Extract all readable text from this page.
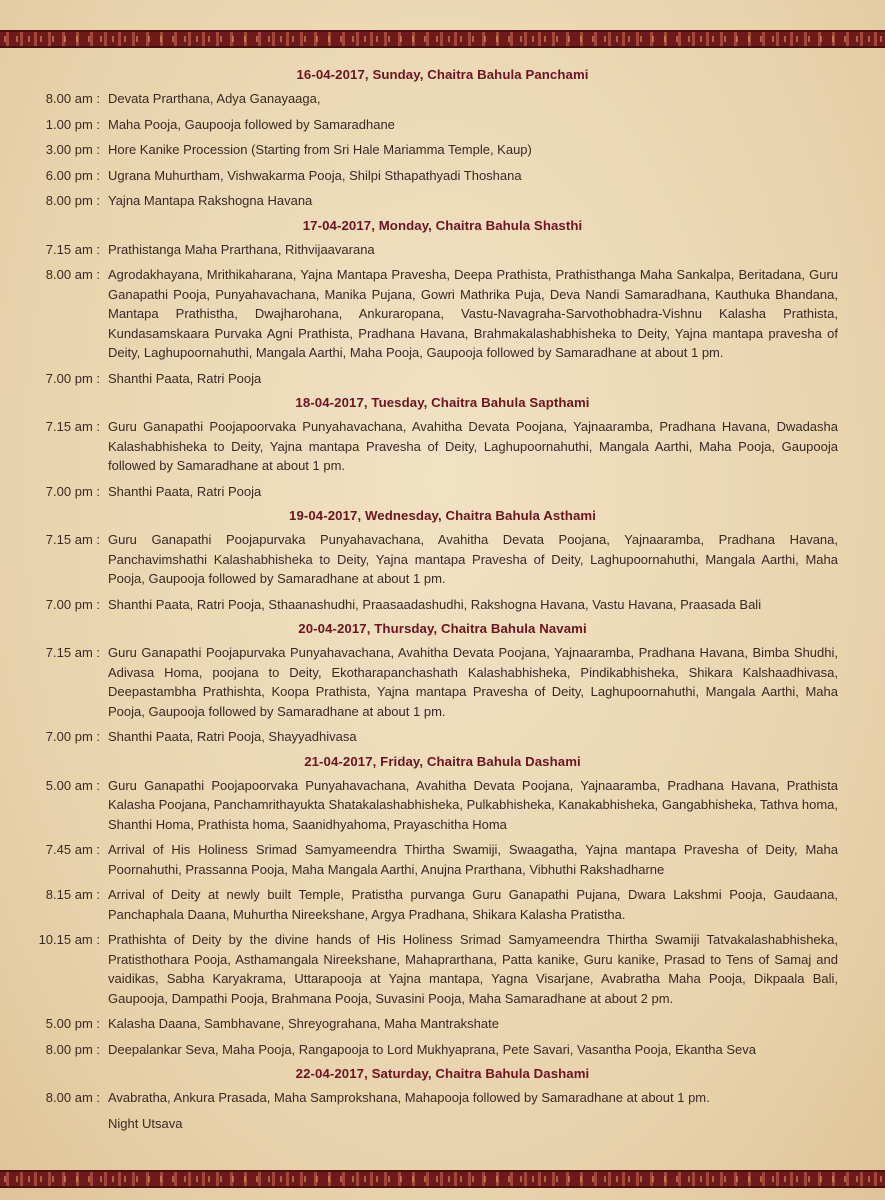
16-04-2017, Sunday, Chaitra Bahula Panchami
8.00 am : Devata Prarthana, Adya Ganayaaga,
1.00 pm : Maha Pooja, Gaupooja followed by Samaradhane
3.00 pm : Hore Kanike Procession (Starting from Sri Hale Mariamma Temple, Kaup)
6.00 pm : Ugrana Muhurtham, Vishwakarma Pooja, Shilpi Sthapathyadi Thoshana
8.00 pm : Yajna Mantapa Rakshogna Havana
17-04-2017, Monday, Chaitra Bahula Shasthi
7.15 am : Prathistanga Maha Prarthana, Rithvijaavarana
8.00 am : Agrodakhayana, Mrithikaharana, Yajna Mantapa Pravesha, Deepa Prathista, Prathisthanga Maha Sankalpa, Beritadana, Guru Ganapathi Pooja, Punyahavachana, Manika Pujana, Gowri Mathrika Puja, Deva Nandi Samaradhana, Kauthuka Bhandana, Mantapa Prathistha, Dwajharohana, Ankuraropana, Vastu-Navagraha-Sarvothobhadra-Vishnu Kalasha Prathista, Kundasamskaara Purvaka Agni Prathista, Pradhana Havana, Brahmakalashabhisheka to Deity, Yajna mantapa pravesha of Deity, Laghupoornahuthi, Mangala Aarthi, Maha Pooja, Gaupooja followed by Samaradhane at about 1 pm.
7.00 pm : Shanthi Paata, Ratri Pooja
18-04-2017, Tuesday, Chaitra Bahula Sapthami
7.15 am : Guru Ganapathi Poojapoorvaka Punyahavachana, Avahitha Devata Poojana, Yajnaaramba, Pradhana Havana, Dwadasha Kalashabhisheka to Deity, Yajna mantapa Pravesha of Deity, Laghupoornahuthi, Mangala Aarthi, Maha Pooja, Gaupooja followed by Samaradhane at about 1 pm.
7.00 pm : Shanthi Paata, Ratri Pooja
19-04-2017, Wednesday, Chaitra Bahula Asthami
7.15 am : Guru Ganapathi Poojapurvaka Punyahavachana, Avahitha Devata Poojana, Yajnaaramba, Pradhana Havana, Panchavimshathi Kalashabhisheka to Deity, Yajna mantapa Pravesha of Deity, Laghupoornahuthi, Mangala Aarthi, Maha Pooja, Gaupooja followed by Samaradhane at about 1 pm.
7.00 pm : Shanthi Paata, Ratri Pooja, Sthaanashudhi, Praasaadashudhi, Rakshogna Havana, Vastu Havana, Praasada Bali
20-04-2017, Thursday, Chaitra Bahula Navami
7.15 am : Guru Ganapathi Poojapurvaka Punyahavachana, Avahitha Devata Poojana, Yajnaaramba, Pradhana Havana, Bimba Shudhi, Adivasa Homa, poojana to Deity, Ekotharapanchashath Kalashabhisheka, Pindikabhisheka, Shikara Kalshaadhivasa, Deepastambha Prathishta, Koopa Prathista, Yajna mantapa Pravesha of Deity, Laghupoornahuthi, Mangala Aarthi, Maha Pooja, Gaupooja followed by Samaradhane at about 1 pm.
7.00 pm : Shanthi Paata, Ratri Pooja, Shayyadhivasa
21-04-2017, Friday, Chaitra Bahula Dashami
5.00 am : Guru Ganapathi Poojapoorvaka Punyahavachana, Avahitha Devata Poojana, Yajnaaramba, Pradhana Havana, Prathista Kalasha Poojana, Panchamrithayukta Shatakalashabhisheka, Pulkabhisheka, Kanakabhisheka, Gangabhisheka, Tathva homa, Shanthi Homa, Prathista homa, Saanidhyahoma, Prayaschitha Homa
7.45 am : Arrival of His Holiness Srimad Samyameendra Thirtha Swamiji, Swaagatha, Yajna mantapa Pravesha of Deity, Maha Poornahuthi, Prassanna Pooja, Maha Mangala Aarthi, Anujna Prarthana, Vibhuthi Rakshadharne
8.15 am : Arrival of Deity at newly built Temple, Pratistha purvanga Guru Ganapathi Pujana, Dwara Lakshmi Pooja, Gaudaana, Panchaphala Daana, Muhurtha Nireekshane, Argya Pradhana, Shikara Kalasha Pratistha.
10.15 am : Prathishta of Deity by the divine hands of His Holiness Srimad Samyameendra Thirtha Swamiji Tatvakalashabhisheka, Pratisthothara Pooja, Asthamangala Nireekshane, Mahaprarthana, Patta kanike, Guru kanike, Prasad to Tens of Samaj and vaidikas, Sabha Karyakrama, Uttarapooja at Yajna mantapa, Yagna Visarjane, Avabratha Maha Pooja, Dikpaala Bali, Gaupooja, Dampathi Pooja, Brahmana Pooja, Suvasini Pooja, Maha Samaradhane at about 2 pm.
5.00 pm : Kalasha Daana, Sambhavane, Shreyograhana, Maha Mantrakshate
8.00 pm : Deepalankar Seva, Maha Pooja, Rangapooja to Lord Mukhyaprana, Pete Savari, Vasantha Pooja, Ekantha Seva
22-04-2017, Saturday, Chaitra Bahula Dashami
8.00 am : Avabratha, Ankura Prasada, Maha Samprokshana, Mahapooja followed by Samaradhane at about 1 pm.
Night Utsava
